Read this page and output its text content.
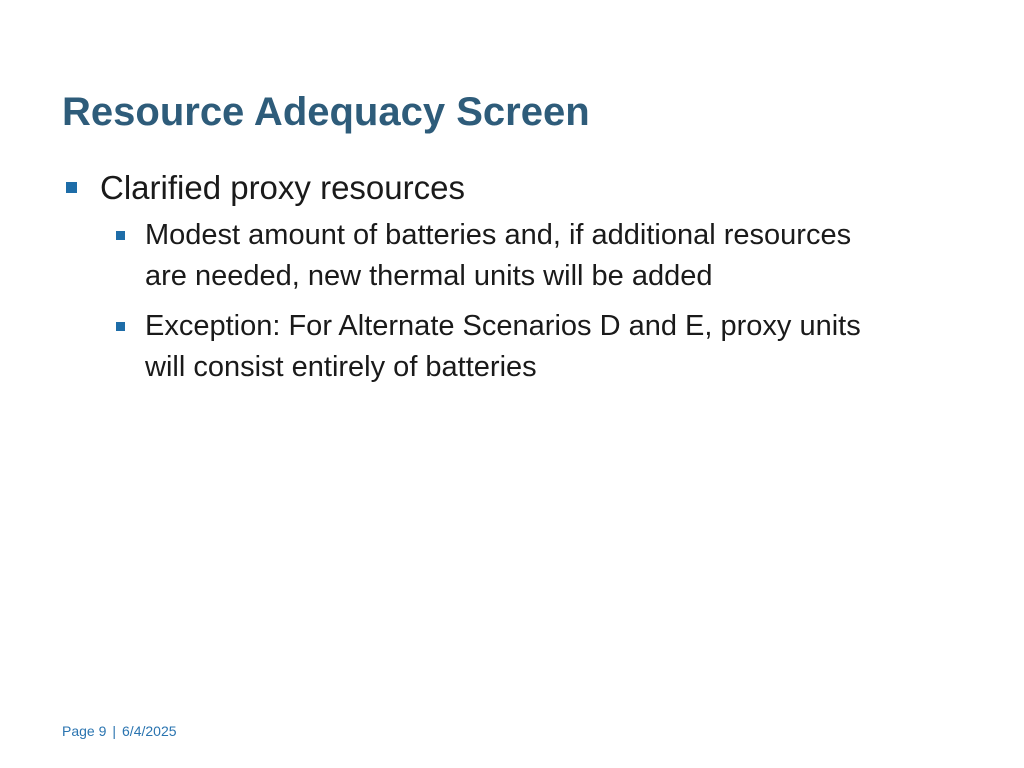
Resource Adequacy Screen
Clarified proxy resources
Modest amount of batteries and, if additional resources are needed, new thermal units will be added
Exception: For Alternate Scenarios D and E, proxy units will consist entirely of batteries
Page 9 | 6/4/2025
